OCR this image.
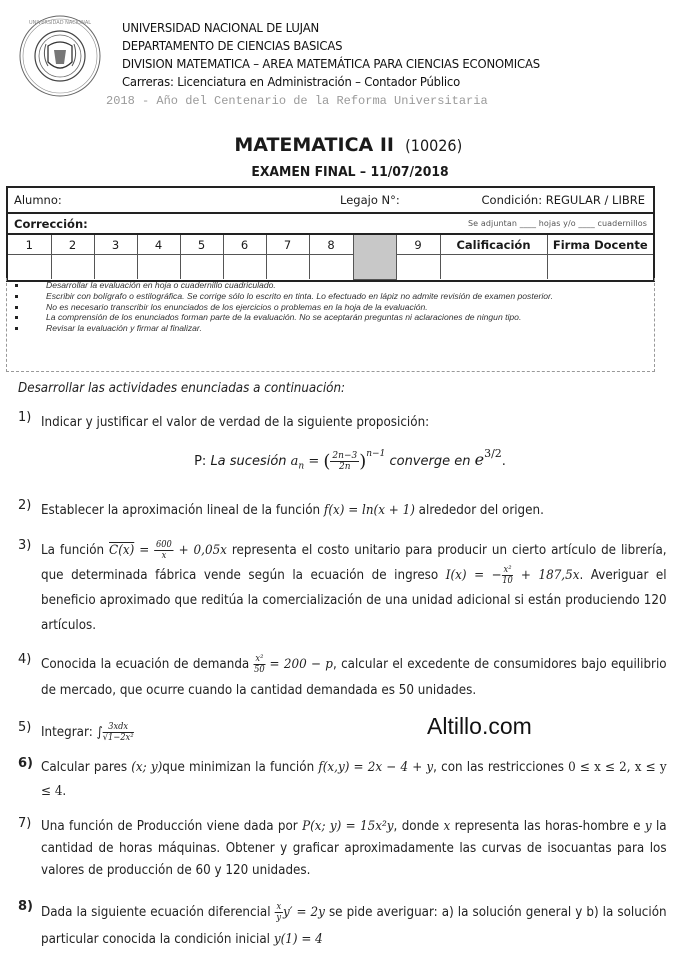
UNIVERSIDAD NACIONAL UNIVERSIDAD NACIONAL DE LUJAN
DEPARTAMENTO DE CIENCIAS BASICAS
DIVISION MATEMATICA – AREA MATEMÁTICA PARA CIENCIAS ECONOMICAS
Carreras: Licenciatura en Administración – Contador Público
2018 - Año del Centenario de la Reforma Universitaria
MATEMATICA II (10026)
EXAMEN FINAL – 11/07/2018
Alumno:	Legajo N°:	Condición: REGULAR / LIBRE
Corrección:	Se adjuntan ____ hojas y/o ____ cuadernillos
1	2	3	4	5	6	7	8		9	Calificación	Firma Docente

Desarrollar la evaluación en hoja o cuadernillo cuadriculado.
Escribir con bolígrafo o estilográfica. Se corrige sólo lo escrito en tinta. Lo efectuado en lápiz no admite revisión de examen posterior.
No es necesario transcribir los enunciados de los ejercicios o problemas en la hoja de la evaluación.
La comprensión de los enunciados forman parte de la evaluación. No se aceptarán preguntas ni aclaraciones de ningun tipo.
Revisar la evaluación y firmar al finalizar.
Desarrollar las actividades enunciadas a continuación:
1) Indicar y justificar el valor de verdad de la siguiente proposición:
P: La sucesión $a_n$ = ( $\frac{2n-3}{2n} )^{n-1}$ converge en $e^{3/2}$.
2) Establecer la aproximación lineal de la función f(x) = ln(x + 1) alrededor del origen.
3) La función $C(x) = \frac{600}{x} + 0,05x$ representa el costo unitario para producir un cierto artículo de librería, que determinada fábrica vende según la ecuación de ingreso I(x) = − $\frac{\text{x²}}{10} + 187,5x$. Averiguar el beneficio aproximado que reditúa la comercialización de una unidad adicional si están produciendo 120 artículos.
4) Conocida la ecuación de demanda $\frac{\text{x²}}{50} = 200 - p$, calcular el excedente de consumidores bajo equilibrio de mercado, que ocurre cuando la cantidad demandada es 50 unidades.
5) Integrar: ∫ $\frac{\text{3xdx}}{\text{√1−2x²}}$	Altillo.com
6) Calcular pares (x; y)que minimizan la función f(x,y) = 2x − 4 + y, con las restricciones 0 ≤ x ≤ 2, x ≤ y ≤ 4.
7) Una función de Producción viene dada por P(x; y) = 15x²y, donde x representa las horas-hombre e y la cantidad de horas máquinas. Obtener y graficar aproximadamente las curvas de isocuantas para los valores de producción de 60 y 120 unidades.
8) Dada la siguiente ecuación diferencial $\frac{x}{y} y' = 2y$ se pide averiguar: a) la solución general y b) la solución particular conocida la condición inicial y(1) = 4
